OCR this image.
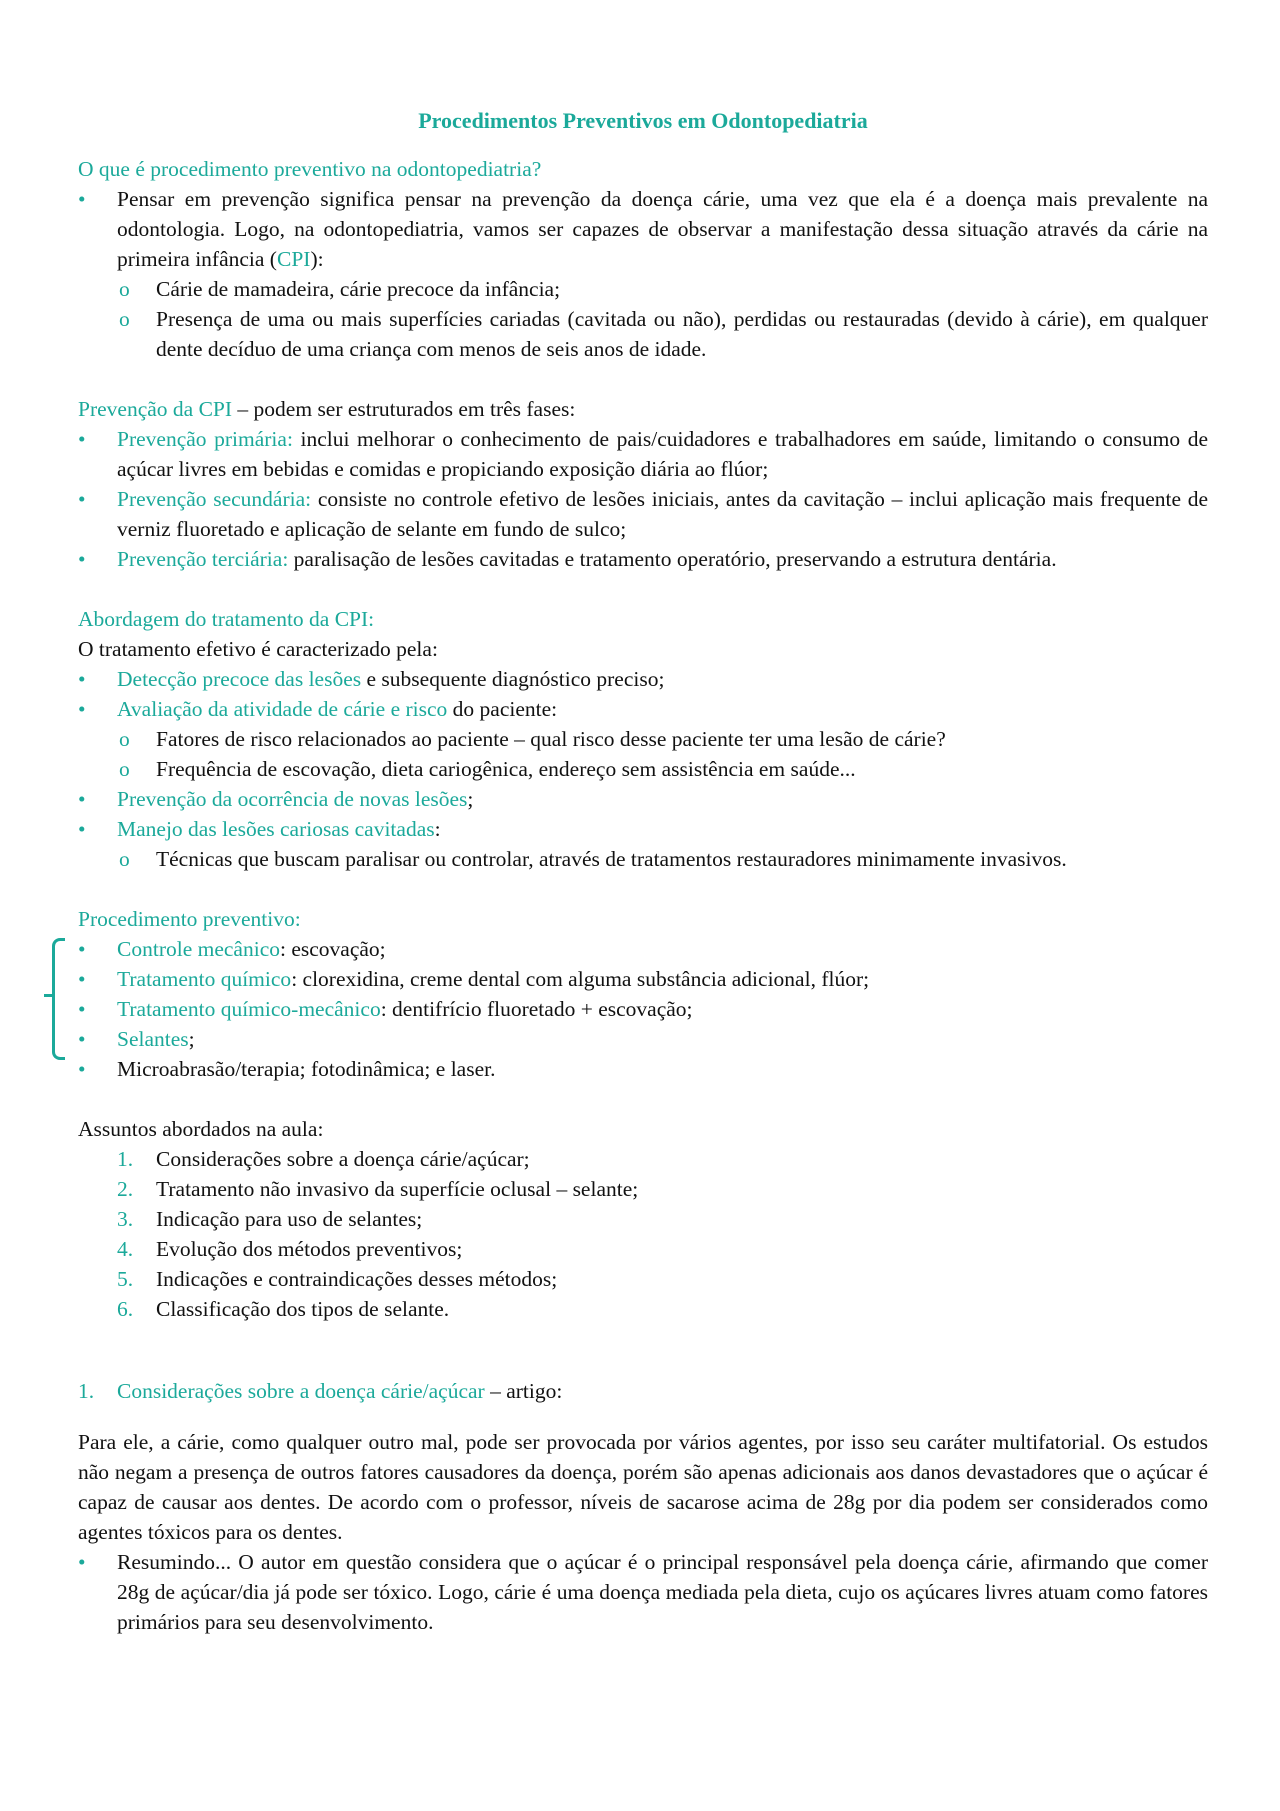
Procedimentos Preventivos em Odontopediatria

O que é procedimento preventivo na odontopediatria?

• Pensar em prevenção significa pensar na prevenção da doença cárie, uma vez que ela é a doença mais prevalente na odontologia. Logo, na odontopediatria, vamos ser capazes de observar a manifestação dessa situação através da cárie na primeira infância (CPI):
o Cárie de mamadeira, cárie precoce da infância;
o Presença de uma ou mais superfícies cariadas (cavitada ou não), perdidas ou restauradas (devido à cárie), em qualquer dente decíduo de uma criança com menos de seis anos de idade.

Prevenção da CPI – podem ser estruturados em três fases:

• Prevenção primária: inclui melhorar o conhecimento de pais/cuidadores e trabalhadores em saúde, limitando o consumo de açúcar livres em bebidas e comidas e propiciando exposição diária ao flúor;
• Prevenção secundária: consiste no controle efetivo de lesões iniciais, antes da cavitação – inclui aplicação mais frequente de verniz fluoretado e aplicação de selante em fundo de sulco;
• Prevenção terciária: paralisação de lesões cavitadas e tratamento operatório, preservando a estrutura dentária.

Abordagem do tratamento da CPI:

O tratamento efetivo é caracterizado pela:

• Detecção precoce das lesões e subsequente diagnóstico preciso;
• Avaliação da atividade de cárie e risco do paciente:
o Fatores de risco relacionados ao paciente – qual risco desse paciente ter uma lesão de cárie?
o Frequência de escovação, dieta cariogênica, endereço sem assistência em saúde...
• Prevenção da ocorrência de novas lesões;
• Manejo das lesões cariosas cavitadas:
o Técnicas que buscam paralisar ou controlar, através de tratamentos restauradores minimamente invasivos.

Procedimento preventivo:

• Controle mecânico: escovação;
• Tratamento químico: clorexidina, creme dental com alguma substância adicional, flúor;
• Tratamento químico-mecânico: dentifrício fluoretado + escovação;
• Selantes;
• Microabrasão/terapia; fotodinâmica; e laser.

Assuntos abordados na aula:

1. Considerações sobre a doença cárie/açúcar;
2. Tratamento não invasivo da superfície oclusal – selante;
3. Indicação para uso de selantes;
4. Evolução dos métodos preventivos;
5. Indicações e contraindicações desses métodos;
6. Classificação dos tipos de selante.

1. Considerações sobre a doença cárie/açúcar – artigo:

Para ele, a cárie, como qualquer outro mal, pode ser provocada por vários agentes, por isso seu caráter multifatorial. Os estudos não negam a presença de outros fatores causadores da doença, porém são apenas adicionais aos danos devastadores que o açúcar é capaz de causar aos dentes. De acordo com o professor, níveis de sacarose acima de 28g por dia podem ser considerados como agentes tóxicos para os dentes.

• Resumindo... O autor em questão considera que o açúcar é o principal responsável pela doença cárie, afirmando que comer 28g de açúcar/dia já pode ser tóxico. Logo, cárie é uma doença mediada pela dieta, cujo os açúcares livres atuam como fatores primários para seu desenvolvimento.
